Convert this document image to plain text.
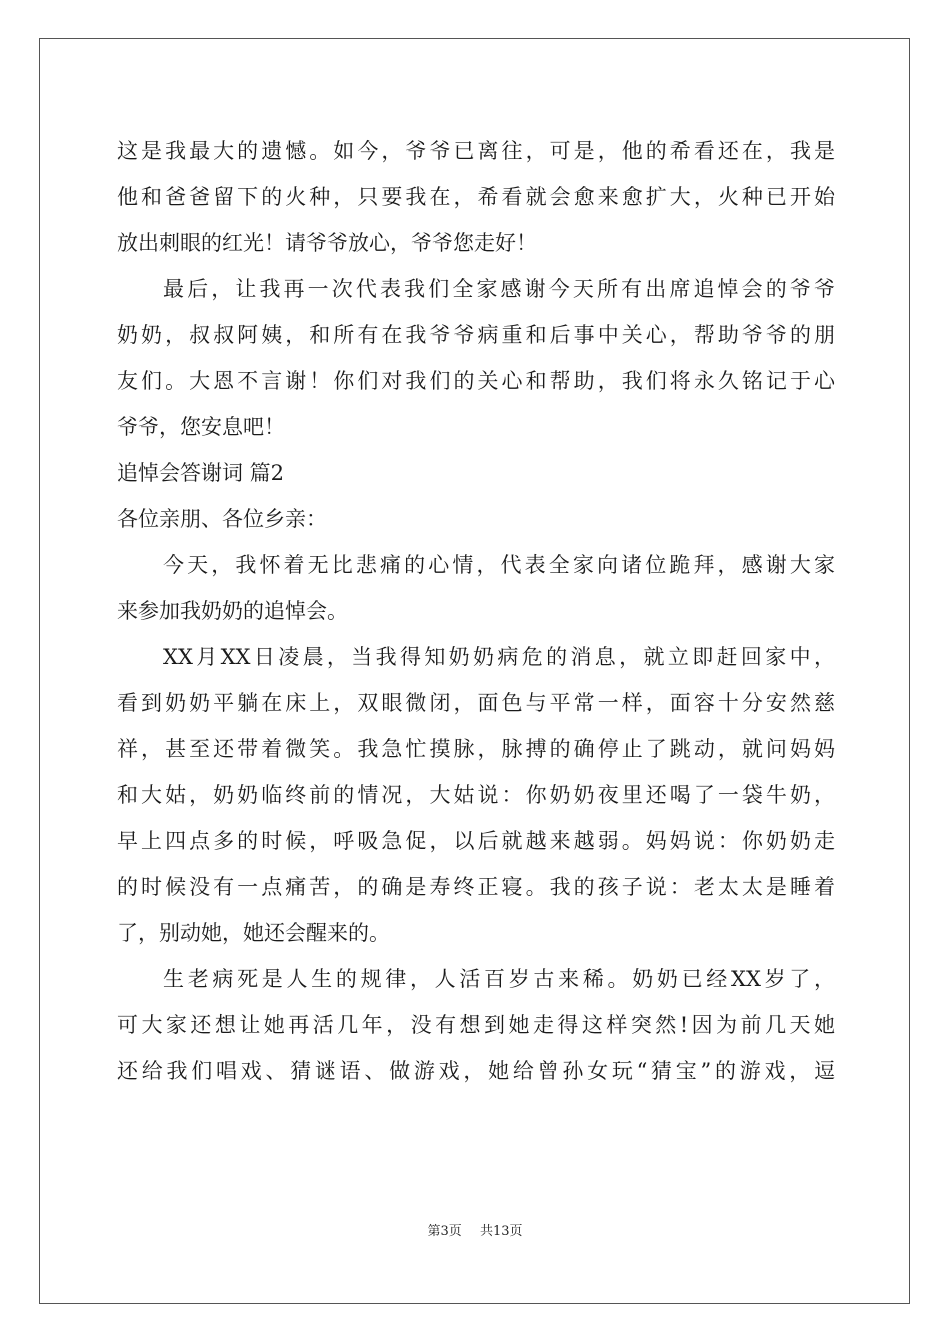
这是我最大的遗憾。如今，爷爷已离往，可是，他的希看还在，我是
他和爸爸留下的火种，只要我在，希看就会愈来愈扩大，火种已开始
放出刺眼的红光！请爷爷放心，爷爷您走好！
最后，让我再一次代表我们全家感谢今天所有出席追悼会的爷爷
奶奶，叔叔阿姨，和所有在我爷爷病重和后事中关心，帮助爷爷的朋
友们。大恩不言谢！你们对我们的关心和帮助，我们将永久铭记于心
爷爷，您安息吧！
追悼会答谢词 篇2
各位亲朋、各位乡亲：
今天，我怀着无比悲痛的心情，代表全家向诸位跪拜，感谢大家
来参加我奶奶的追悼会。
XX月XX日凌晨，当我得知奶奶病危的消息，就立即赶回家中，
看到奶奶平躺在床上，双眼微闭，面色与平常一样，面容十分安然慈
祥，甚至还带着微笑。我急忙摸脉，脉搏的确停止了跳动，就问妈妈
和大姑，奶奶临终前的情况，大姑说：你奶奶夜里还喝了一袋牛奶，
早上四点多的时候，呼吸急促，以后就越来越弱。妈妈说：你奶奶走
的时候没有一点痛苦，的确是寿终正寝。我的孩子说：老太太是睡着
了，别动她，她还会醒来的。
生老病死是人生的规律，人活百岁古来稀。奶奶已经XX岁了，
可大家还想让她再活几年，没有想到她走得这样突然!因为前几天她
还给我们唱戏、猜谜语、做游戏，她给曾孙女玩“猜宝”的游戏，逗
第3页 共13页
